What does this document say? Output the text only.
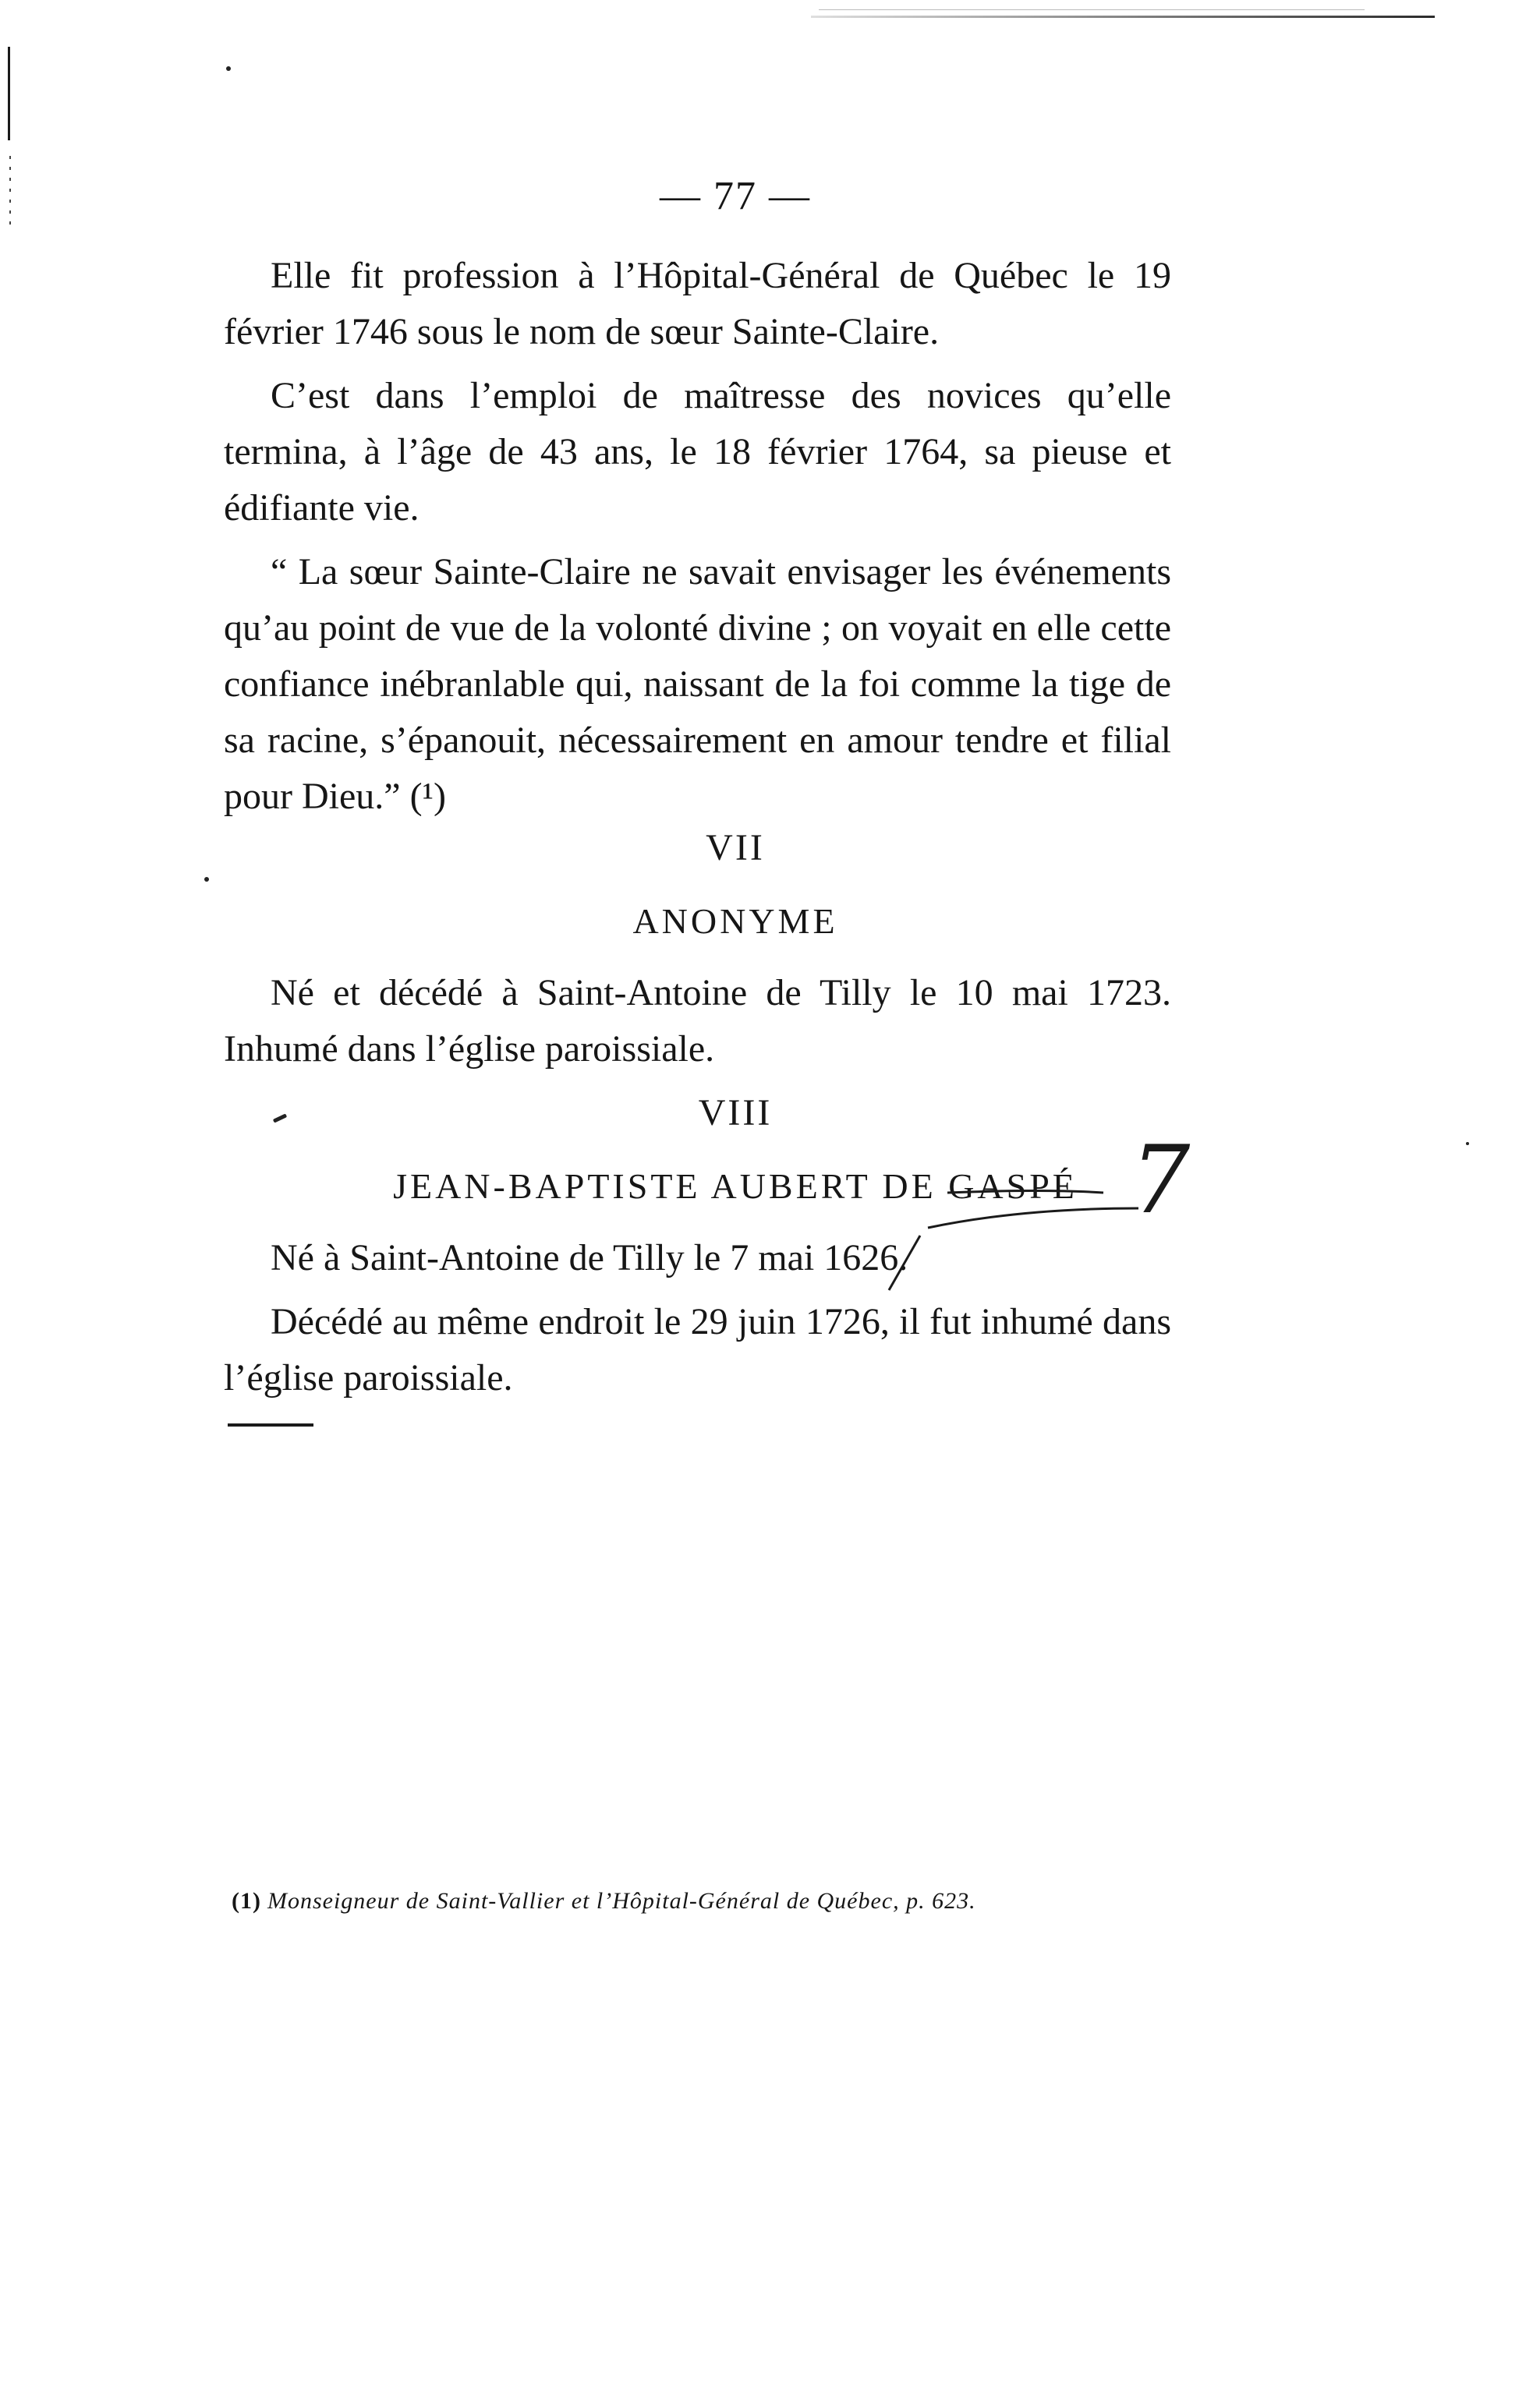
— 77 —

Elle fit profession à l’Hôpital-Général de Québec le 19 février 1746 sous le nom de sœur Sainte-Claire.

C’est dans l’emploi de maîtresse des novices qu’elle termina, à l’âge de 43 ans, le 18 février 1764, sa pieuse et édifiante vie.

“ La sœur Sainte-Claire ne savait envisager les événements qu’au point de vue de la volonté divine ; on voyait en elle cette confiance inébranlable qui, naissant de la foi comme la tige de sa racine, s’épanouit, nécessairement en amour tendre et filial pour Dieu.” (¹)

VII
ANONYME

Né et décédé à Saint-Antoine de Tilly le 10 mai 1723. Inhumé dans l’église paroissiale.

VIII
JEAN-BAPTISTE AUBERT DE GASPÉ

Né à Saint-Antoine de Tilly le 7 mai 1626.

Décédé au même endroit le 29 juin 1726, il fut inhumé dans l’église paroissiale.

7
(1) Monseigneur de Saint-Vallier et l’Hôpital-Général de Québec, p. 623.
